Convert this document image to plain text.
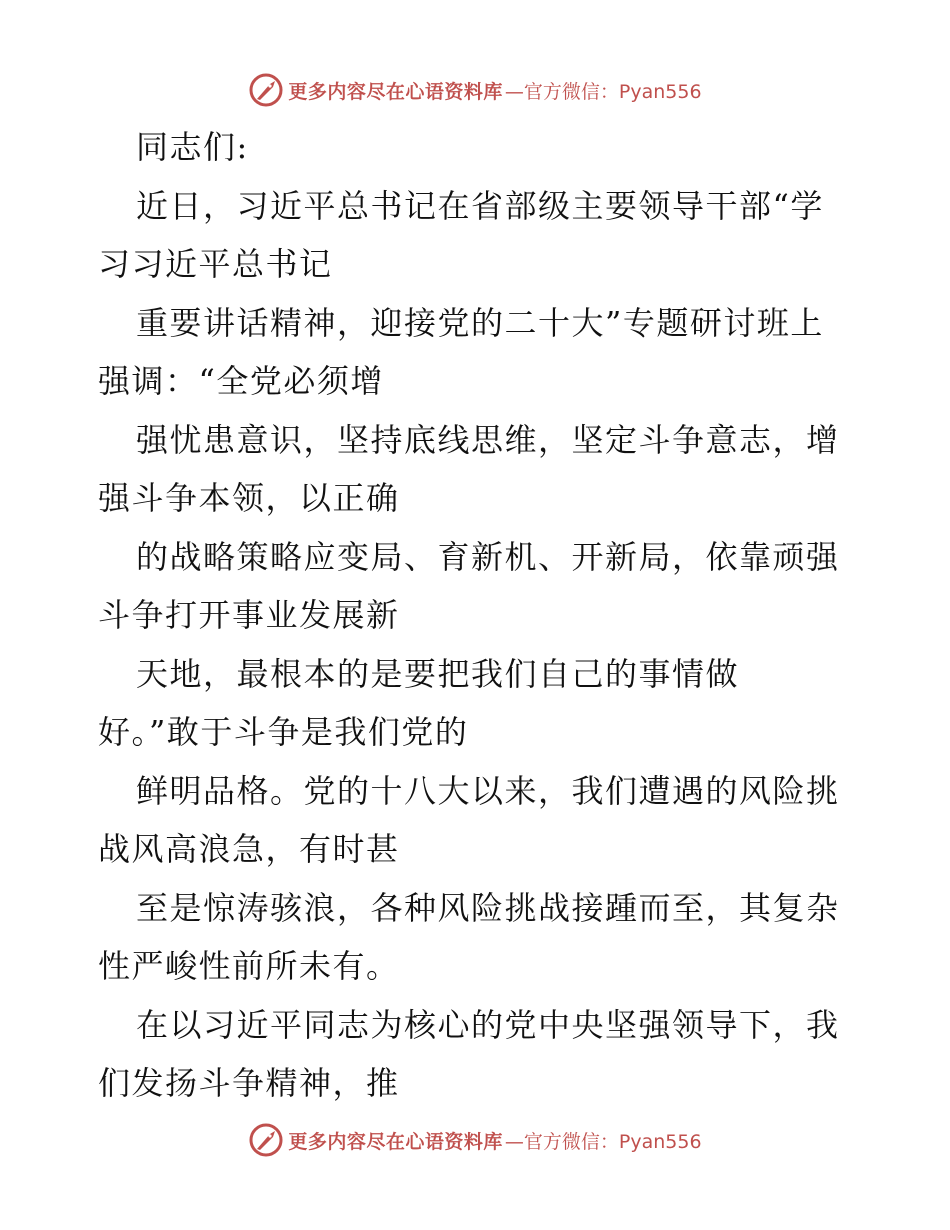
更多内容尽在心语资料库 —官方微信：Pyan556
同志们:
近日，习近平总书记在省部级主要领导干部“学
习习近平总书记
重要讲话精神，迎接党的二十大”专题研讨班上
强调：“全党必须增
强忧患意识，坚持底线思维，坚定斗争意志，增
强斗争本领，以正确
的战略策略应变局、育新机、开新局，依靠顽强
斗争打开事业发展新
天地，最根本的是要把我们自己的事情做
好。”敢于斗争是我们党的
鲜明品格。党的十八大以来，我们遭遇的风险挑
战风高浪急，有时甚
至是惊涛骇浪，各种风险挑战接踵而至，其复杂
性严峻性前所未有。
在以习近平同志为核心的党中央坚强领导下，我
们发扬斗争精神，推
更多内容尽在心语资料库 —官方微信：Pyan556
